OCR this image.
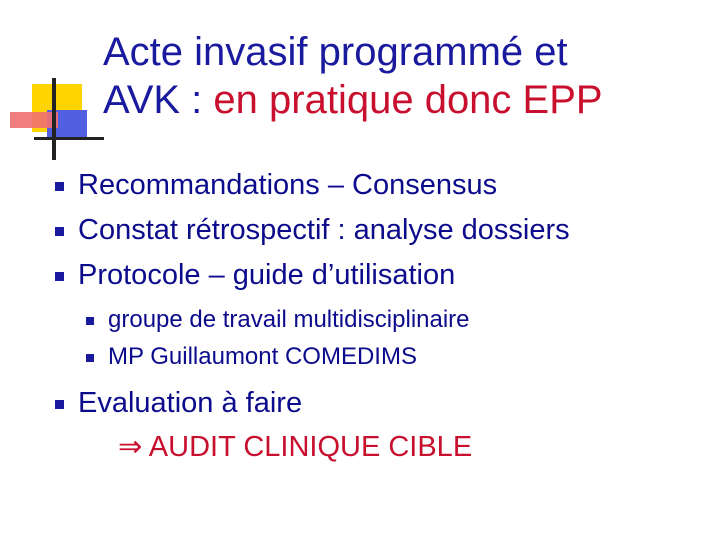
Acte invasif programmé et
AVK : en pratique donc EPP
Recommandations – Consensus
Constat rétrospectif : analyse dossiers
Protocole – guide d’utilisation
groupe de travail multidisciplinaire
MP Guillaumont COMEDIMS
Evaluation à faire
⇒ AUDIT CLINIQUE CIBLE
